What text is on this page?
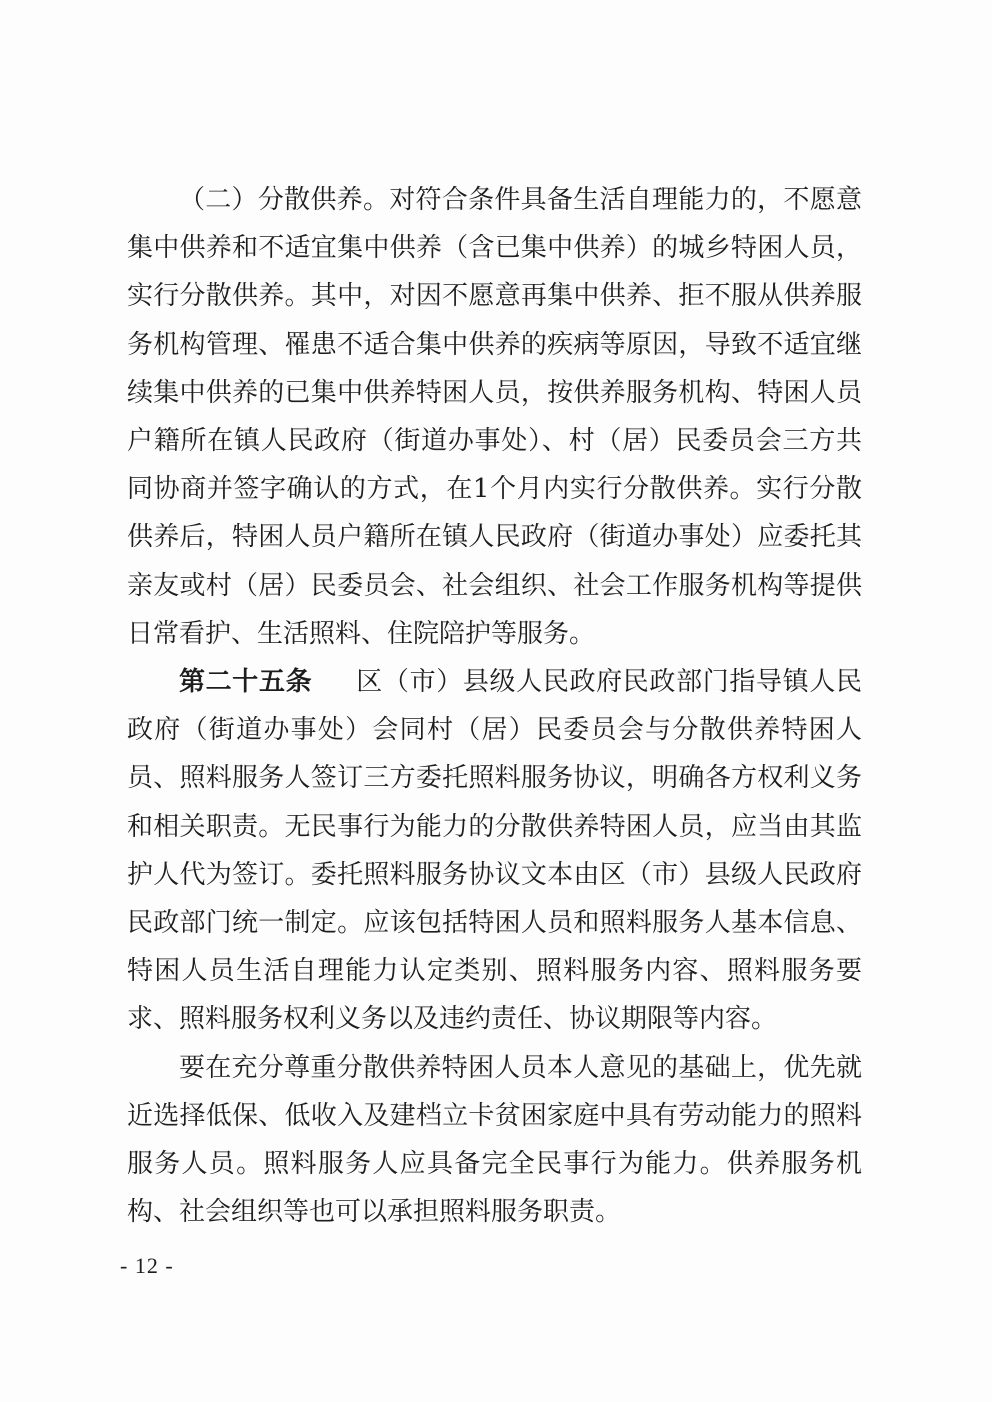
（二）分散供养。对符合条件具备生活自理能力的，不愿意集中供养和不适宜集中供养（含已集中供养）的城乡特困人员，实行分散供养。其中，对因不愿意再集中供养、拒不服从供养服务机构管理、罹患不适合集中供养的疾病等原因，导致不适宜继续集中供养的已集中供养特困人员，按供养服务机构、特困人员户籍所在镇人民政府（街道办事处）、村（居）民委员会三方共同协商并签字确认的方式，在1个月内实行分散供养。实行分散供养后，特困人员户籍所在镇人民政府（街道办事处）应委托其亲友或村（居）民委员会、社会组织、社会工作服务机构等提供日常看护、生活照料、住院陪护等服务。

第二十五条 区（市）县级人民政府民政部门指导镇人民政府（街道办事处）会同村（居）民委员会与分散供养特困人员、照料服务人签订三方委托照料服务协议，明确各方权利义务和相关职责。无民事行为能力的分散供养特困人员，应当由其监护人代为签订。委托照料服务协议文本由区（市）县级人民政府民政部门统一制定。应该包括特困人员和照料服务人基本信息、特困人员生活自理能力认定类别、照料服务内容、照料服务要求、照料服务权利义务以及违约责任、协议期限等内容。

要在充分尊重分散供养特困人员本人意见的基础上，优先就近选择低保、低收入及建档立卡贫困家庭中具有劳动能力的照料服务人员。照料服务人应具备完全民事行为能力。供养服务机构、社会组织等也可以承担照料服务职责。

- 12 -
